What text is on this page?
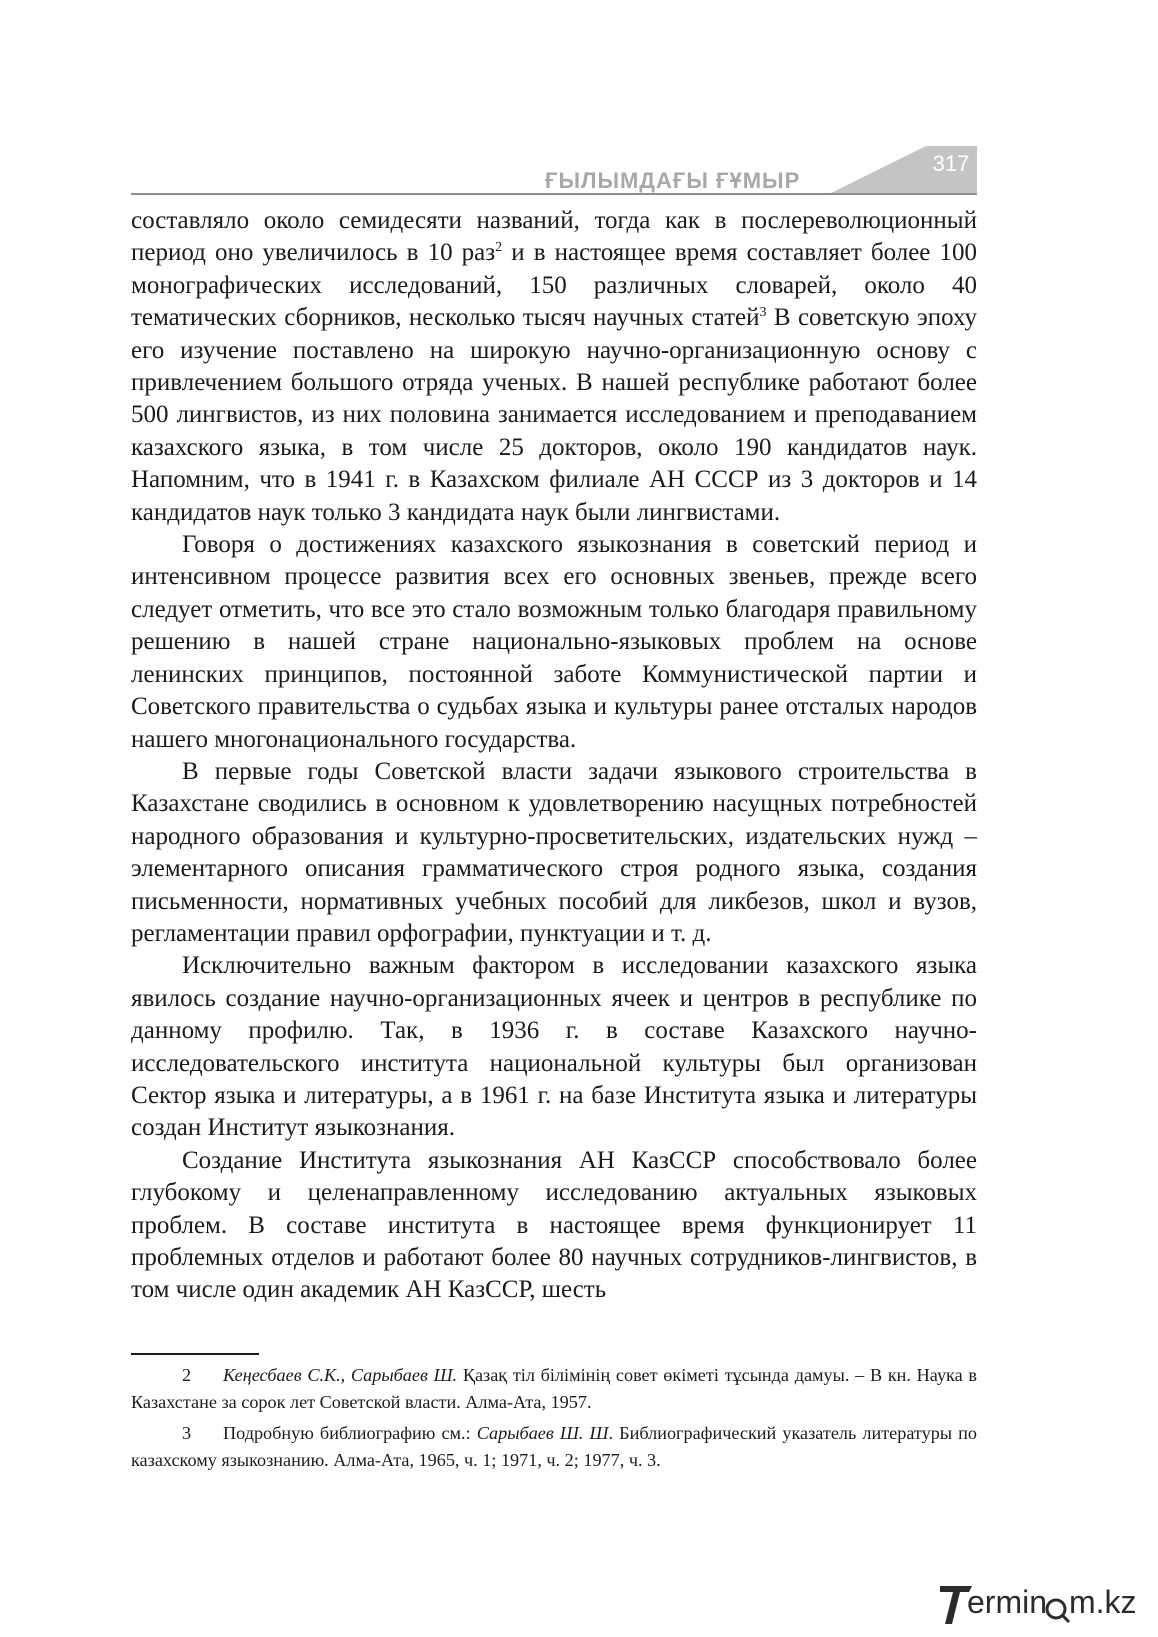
ҒЫЛЫМДАҒЫ ҒҰМЫР
317

составляло около семидесяти названий, тогда как в послереволюционный период оно увеличилось в 10 раз$^2$ и в настоящее время составляет более 100 монографических исследований, 150 различных словарей, около 40 тематических сборников, несколько тысяч научных статей$^3$ В советскую эпоху его изучение поставлено на широкую научно-организационную основу с привлечением большого отряда ученых. В нашей республике работают более 500 лингвистов, из них половина занимается исследованием и преподаванием казахского языка, в том числе 25 докторов, около 190 кандидатов наук. Напомним, что в 1941 г. в Казахском филиале АН СССР из 3 докторов и 14 кандидатов наук только 3 кандидата наук были лингвистами.

Говоря о достижениях казахского языкознания в советский период и интенсивном процессе развития всех его основных звеньев, прежде всего следует отметить, что все это стало возможным только благодаря правильному решению в нашей стране национально-языковых проблем на основе ленинских принципов, постоянной заботе Коммунистической партии и Советского правительства о судьбах языка и культуры ранее отсталых народов нашего многонационального государства.

В первые годы Советской власти задачи языкового строительства в Казахстане сводились в основном к удовлетворению насущных потребностей народного образования и культурно-просветительских, издательских нужд – элементарного описания грамматического строя родного языка, создания письменности, нормативных учебных пособий для ликбезов, школ и вузов, регламентации правил орфографии, пунктуации и т. д.

Исключительно важным фактором в исследовании казахского языка явилось создание научно-организационных ячеек и центров в республике по данному профилю. Так, в 1936 г. в составе Казахского научно-исследовательского института национальной культуры был организован Сектор языка и литературы, а в 1961 г. на базе Института языка и литературы создан Институт языкознания.

Создание Института языкознания АН КазССР способствовало более глубокому и целенаправленному исследованию актуальных языковых проблем. В составе института в настоящее время функционирует 11 проблемных отделов и работают более 80 научных сотрудников-лингвистов, в том числе один академик АН КазССР, шесть

2 Кеңесбаев С.К., Сарыбаев Ш. Қазақ тіл білімінің совет өкіметі тұсында дамуы. – В кн. Наука в Казахстане за сорок лет Советской власти. Алма-Ата, 1957.

3 Подробную библиографию см.: Сарыбаев Ш. Ш. Библиографический указатель литературы по казахскому языкознанию. Алма-Ата, 1965, ч. 1; 1971, ч. 2; 1977, ч. 3.

ermin m.kz
